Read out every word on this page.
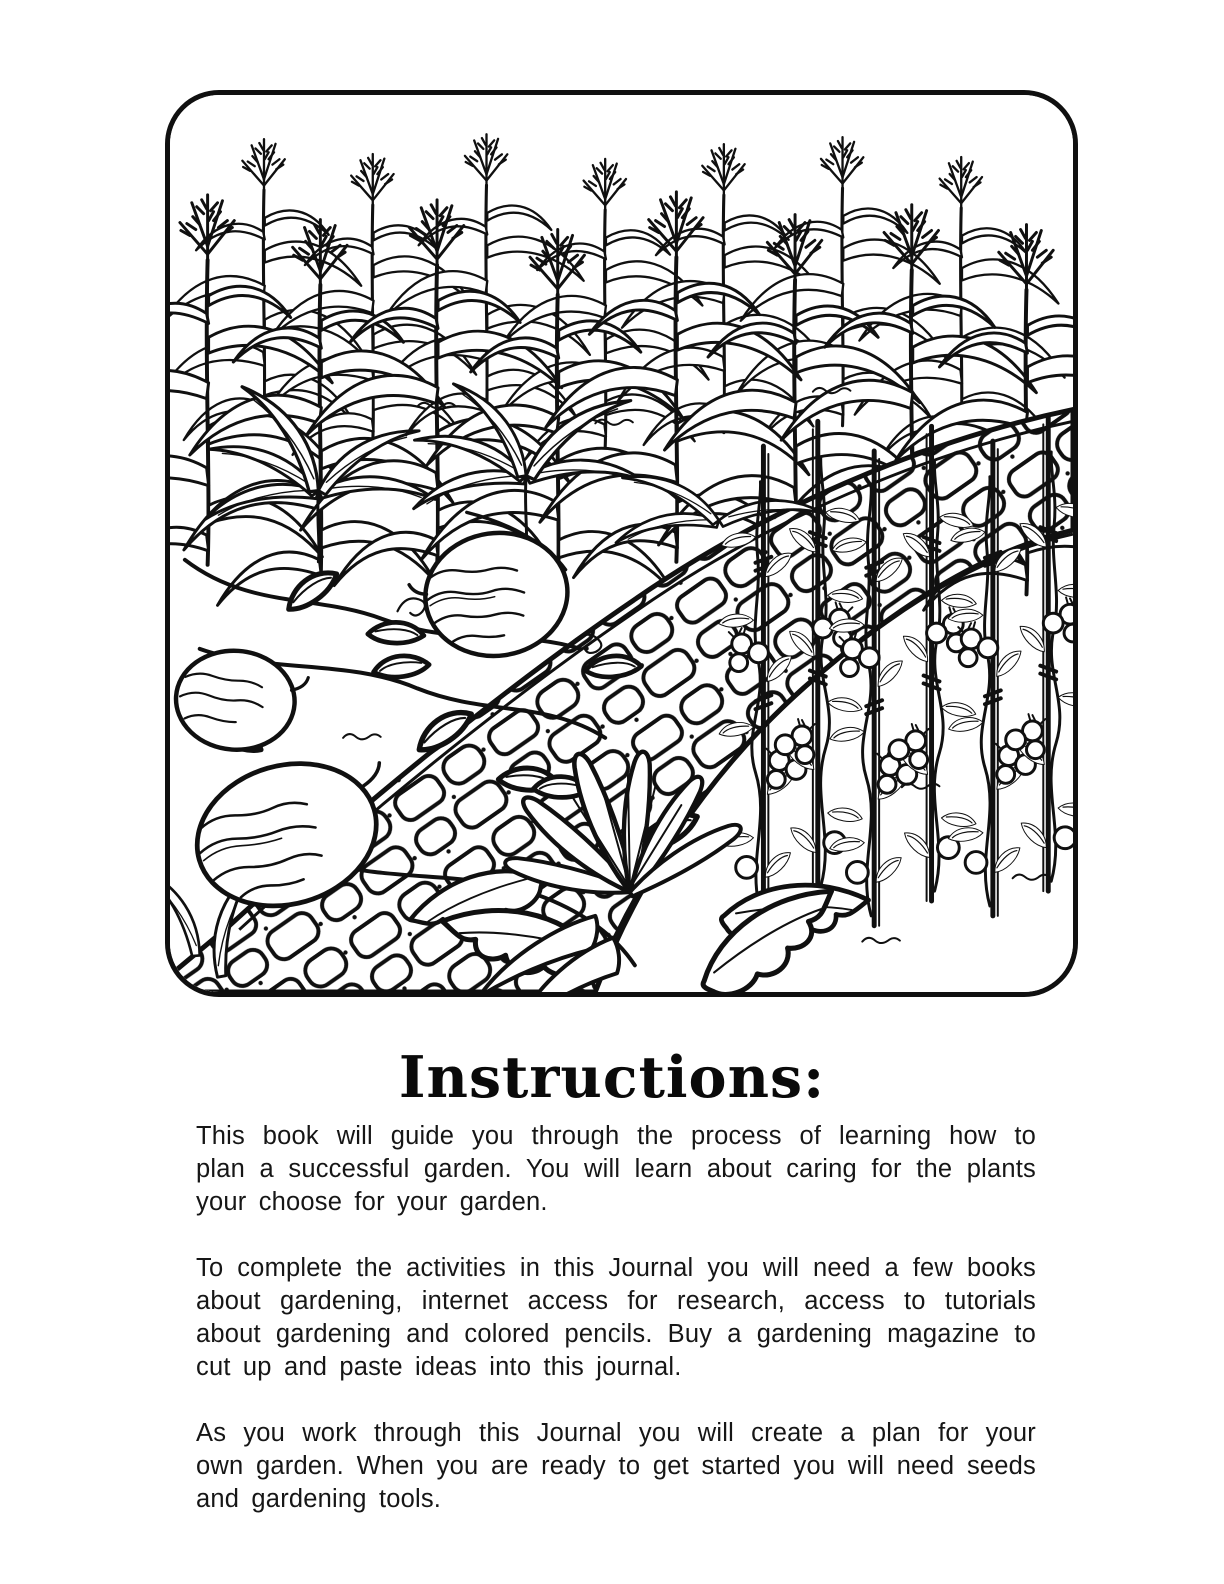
Instructions:

This book will guide you through the process of learning how to plan a successful garden. You will learn about caring for the plants your choose for your garden.

To complete the activities in this Journal you will need a few books about gardening, internet access for research, access to tutorials about gardening and colored pencils. Buy a gardening magazine to cut up and paste ideas into this journal.

As you work through this Journal you will create a plan for your own garden. When you are ready to get started you will need seeds and gardening tools.
